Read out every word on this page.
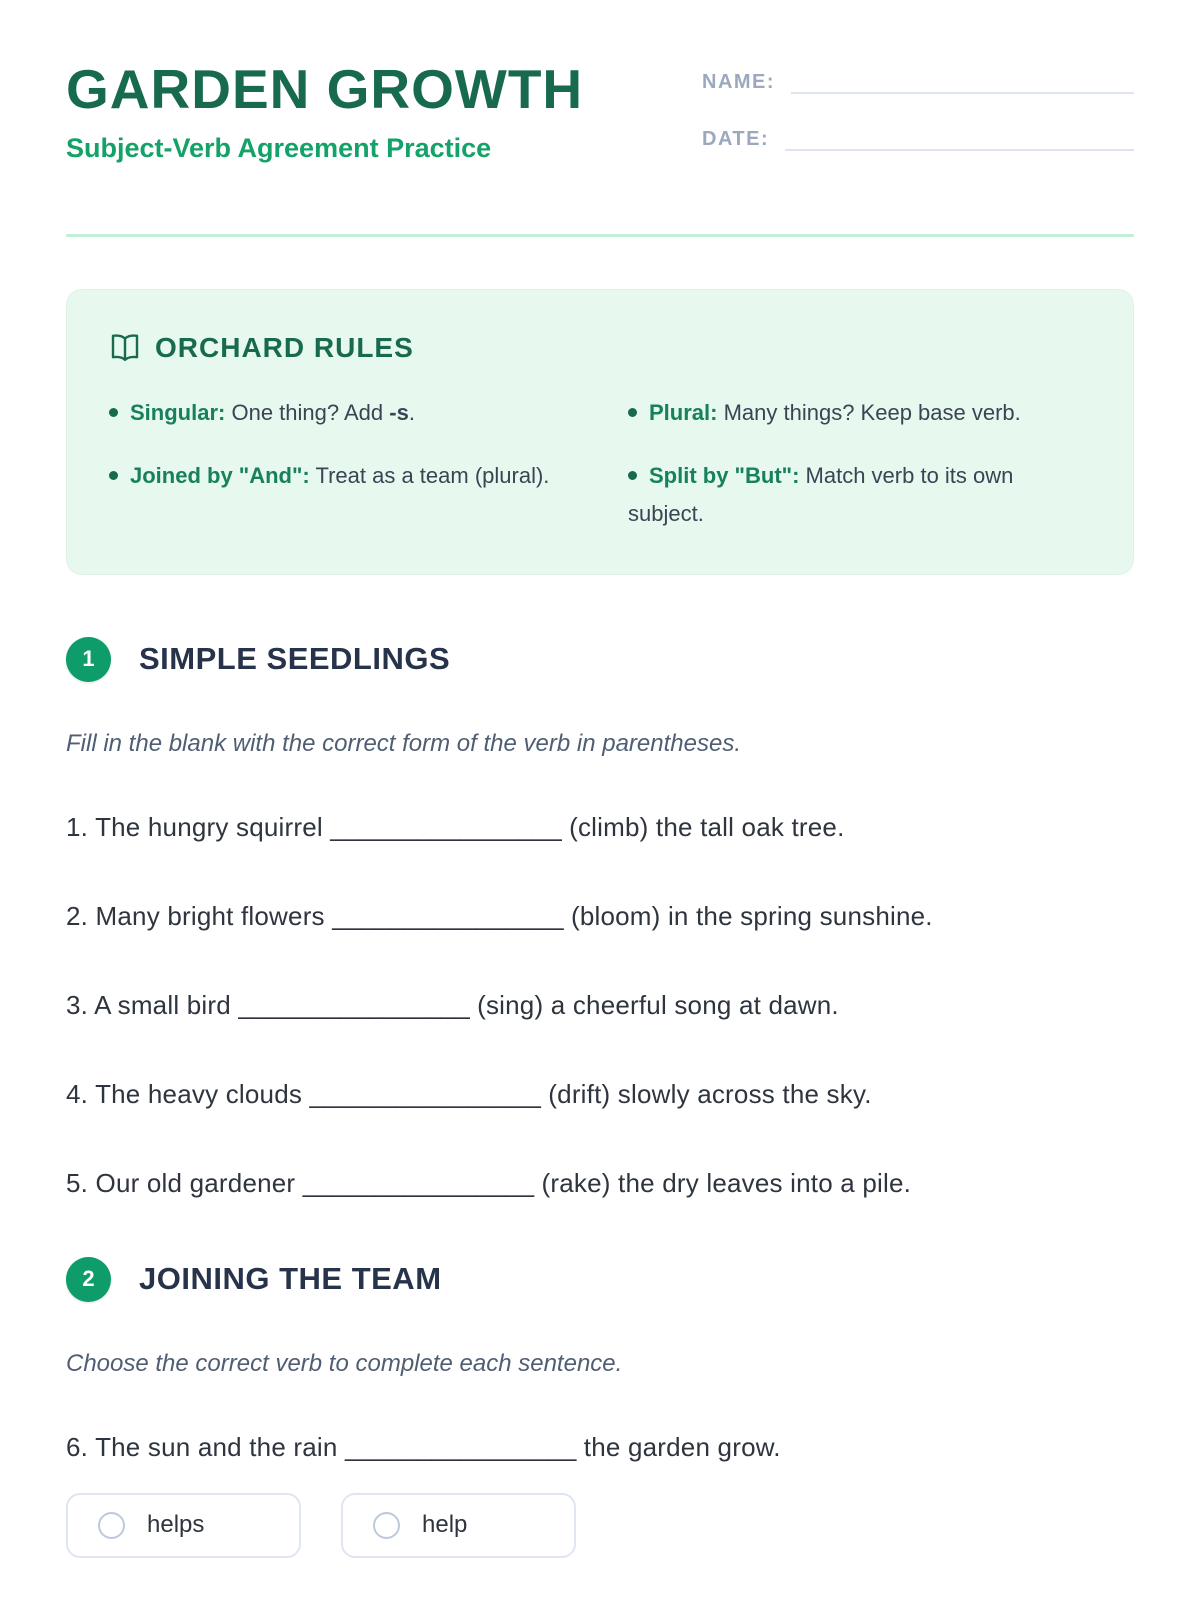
GARDEN GROWTH
Subject-Verb Agreement Practice
NAME:
DATE:
ORCHARD RULES
Singular: One thing? Add -s.	Plural: Many things? Keep base verb.
Joined by "And": Treat as a team (plural).	Split by "But": Match verb to its own subject.
1	SIMPLE SEEDLINGS
Fill in the blank with the correct form of the verb in parentheses.
1. The hungry squirrel ________________ (climb) the tall oak tree.
2. Many bright flowers ________________ (bloom) in the spring sunshine.
3. A small bird ________________ (sing) a cheerful song at dawn.
4. The heavy clouds ________________ (drift) slowly across the sky.
5. Our old gardener ________________ (rake) the dry leaves into a pile.
2	JOINING THE TEAM
Choose the correct verb to complete each sentence.
6. The sun and the rain ________________ the garden grow.
helps	help
